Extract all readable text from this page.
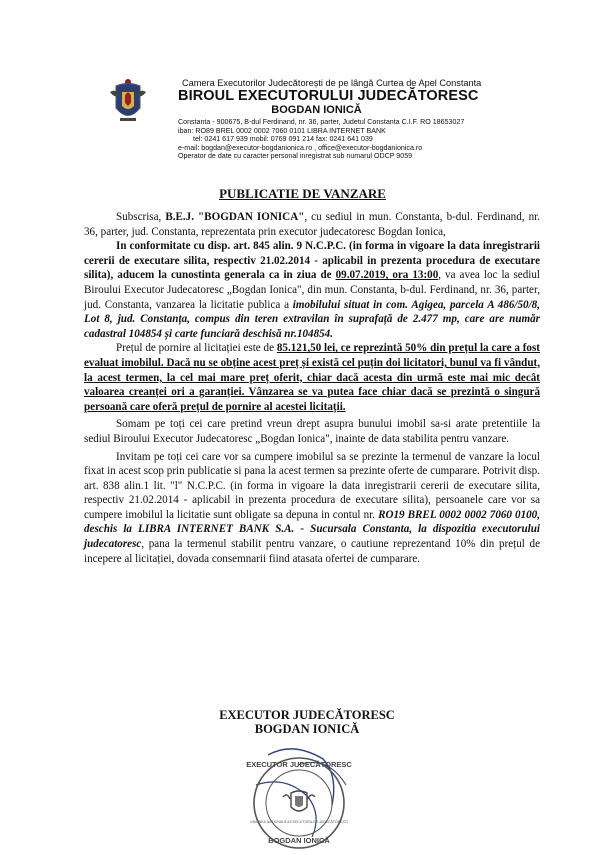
Camera Executorilor Judecătorești de pe lângă Curtea de Apel Constanta
BIROUL EXECUTORULUI JUDECĂTORESC
BOGDAN IONICĂ
Constanta - 900675, B-dul Ferdinand, nr. 36, parter, Judetul Constanta C.I.F. RO 18653027
iban: RO89 BREL 0002 0002 7060 0101 LIBRA INTERNET BANK
tel: 0241 617 939 mobil: 0769 091 214 fax: 0241 641 039
e-mail: bogdan@executor-bogdanionica.ro , office@executor-bogdanionica.ro
Operator de date cu caracter personal inregistrat sub numarul ODCP 9059
PUBLICATIE DE VANZARE

Subscrisa, B.E.J. "BOGDAN IONICA", cu sediul in mun. Constanta, b-dul. Ferdinand, nr. 36, parter, jud. Constanta, reprezentata prin executor judecatoresc Bogdan Ionica,

In conformitate cu disp. art. 845 alin. 9 N.C.P.C. (in forma in vigoare la data inregistrarii cererii de executare silita, respectiv 21.02.2014 - aplicabil in prezenta procedura de executare silita), aducem la cunostinta generala ca in ziua de 09.07.2019, ora 13:00, va avea loc la sediul Biroului Executor Judecatoresc „Bogdan Ionica", din mun. Constanta, b-dul. Ferdinand, nr. 36, parter, jud. Constanta, vanzarea la licitatie publica a imobilului situat in com. Agigea, parcela A 486/50/8, Lot 8, jud. Constanța, compus din teren extravilan în suprafață de 2.477 mp, care are număr cadastral 104854 și carte funciară deschisă nr.104854.

Prețul de pornire al licitației este de 85.121,50 lei, ce reprezintă 50% din prețul la care a fost evaluat imobilul. Dacă nu se obține acest preț și există cel puțin doi licitatori, bunul va fi vândut, la acest termen, la cel mai mare preț oferit, chiar dacă acesta din urmă este mai mic decât valoarea creanței ori a garanției. Vânzarea se va putea face chiar dacă se prezintă o singură persoană care oferă prețul de pornire al acestei licitații.

Somam pe toți cei care pretind vreun drept asupra bunului imobil sa-si arate pretentiile la sediul Biroului Executor Judecatoresc „Bogdan Ionica", inainte de data stabilita pentru vanzare.

Invitam pe toți cei care vor sa cumpere imobilul sa se prezinte la termenul de vanzare la locul fixat in acest scop prin publicatie si pana la acest termen sa prezinte oferte de cumparare. Potrivit disp. art. 838 alin.1 lit. "l" N.C.P.C. (in forma in vigoare la data inregistrarii cererii de executare silita, respectiv 21.02.2014 - aplicabil in prezenta procedura de executare silita), persoanele care vor sa cumpere imobilul la licitatie sunt obligate sa depuna in contul nr. RO19 BREL 0002 0002 7060 0100, deschis la LIBRA INTERNET BANK S.A. - Sucursala Constanta, la dispozitia executorului judecatoresc, pana la termenul stabilit pentru vanzare, o cautiune reprezentand 10% din prețul de incepere al licitației, dovada consemnarii fiind atasata ofertei de cumparare.

EXECUTOR JUDECĂTORESC
BOGDAN IONICĂ
EXECUTOR JUDECĂTORESC
UNIUNEA NAȚIONALĂ A EXECUTORILOR JUDECĂTOREȘTI
BOGDAN IONICĂ
